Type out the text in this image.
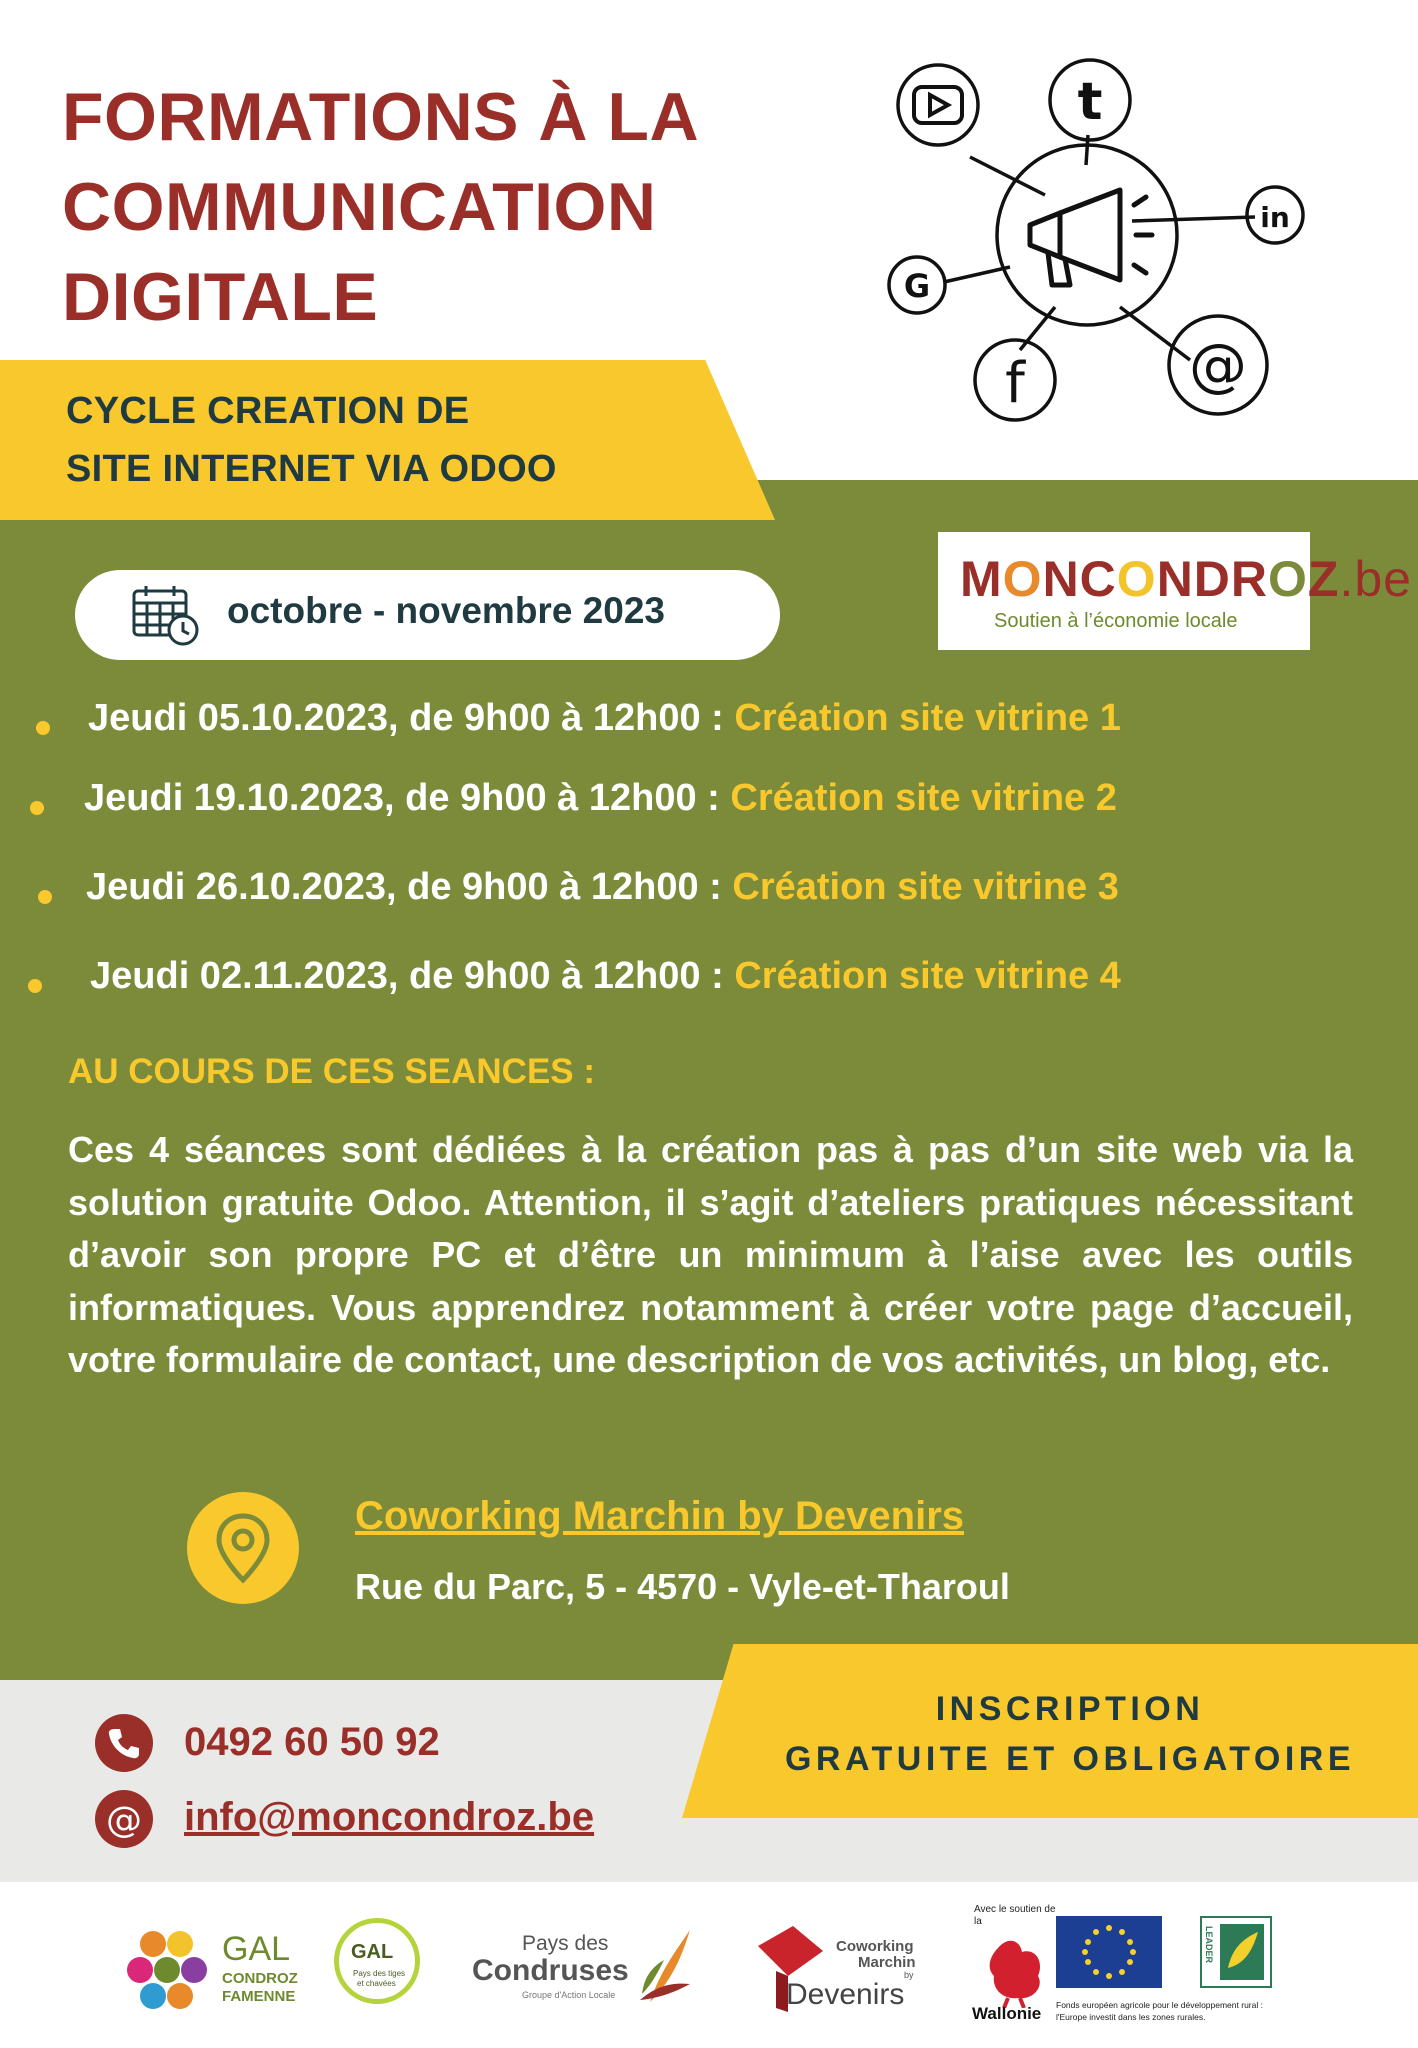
FORMATIONS À LA
COMMUNICATION
DIGITALE
t
in
G
f	@
CYCLE CREATION DE
SITE INTERNET VIA ODOO
octobre - novembre 2023
MONCONDROZ.be
Soutien à l’économie locale
Jeudi 05.10.2023, de 9h00 à 12h00 : Création site vitrine 1
Jeudi 19.10.2023, de 9h00 à 12h00 : Création site vitrine 2
Jeudi 26.10.2023, de 9h00 à 12h00 : Création site vitrine 3
Jeudi 02.11.2023, de 9h00 à 12h00 : Création site vitrine 4
AU COURS DE CES SEANCES :
Ces 4 séances sont dédiées à la création pas à pas d’un site web via la solution gratuite Odoo. Attention, il s’agit d’ateliers pratiques nécessitant d’avoir son propre PC et d’être un minimum à l’aise avec les outils informatiques. Vous apprendrez notamment à créer votre page d’accueil, votre formulaire de contact, une description de vos activités, un blog, etc.
Coworking Marchin by Devenirs
Rue du Parc, 5 - 4570 - Vyle-et-Tharoul
INSCRIPTION
GRATUITE ET OBLIGATOIRE
0492 60 50 92
@ info@moncondroz.be
GAL
CONDROZ
FAMENNE
GAL
Pays des tiges
et chavées
Pays des
Condruses
Groupe d'Action Locale
Coworking
Marchin
by
Devenirs
Avec le soutien de
la
Wallonie Fonds européen agricole pour le développement rural :
l'Europe investit dans les zones rurales.
LEADER
